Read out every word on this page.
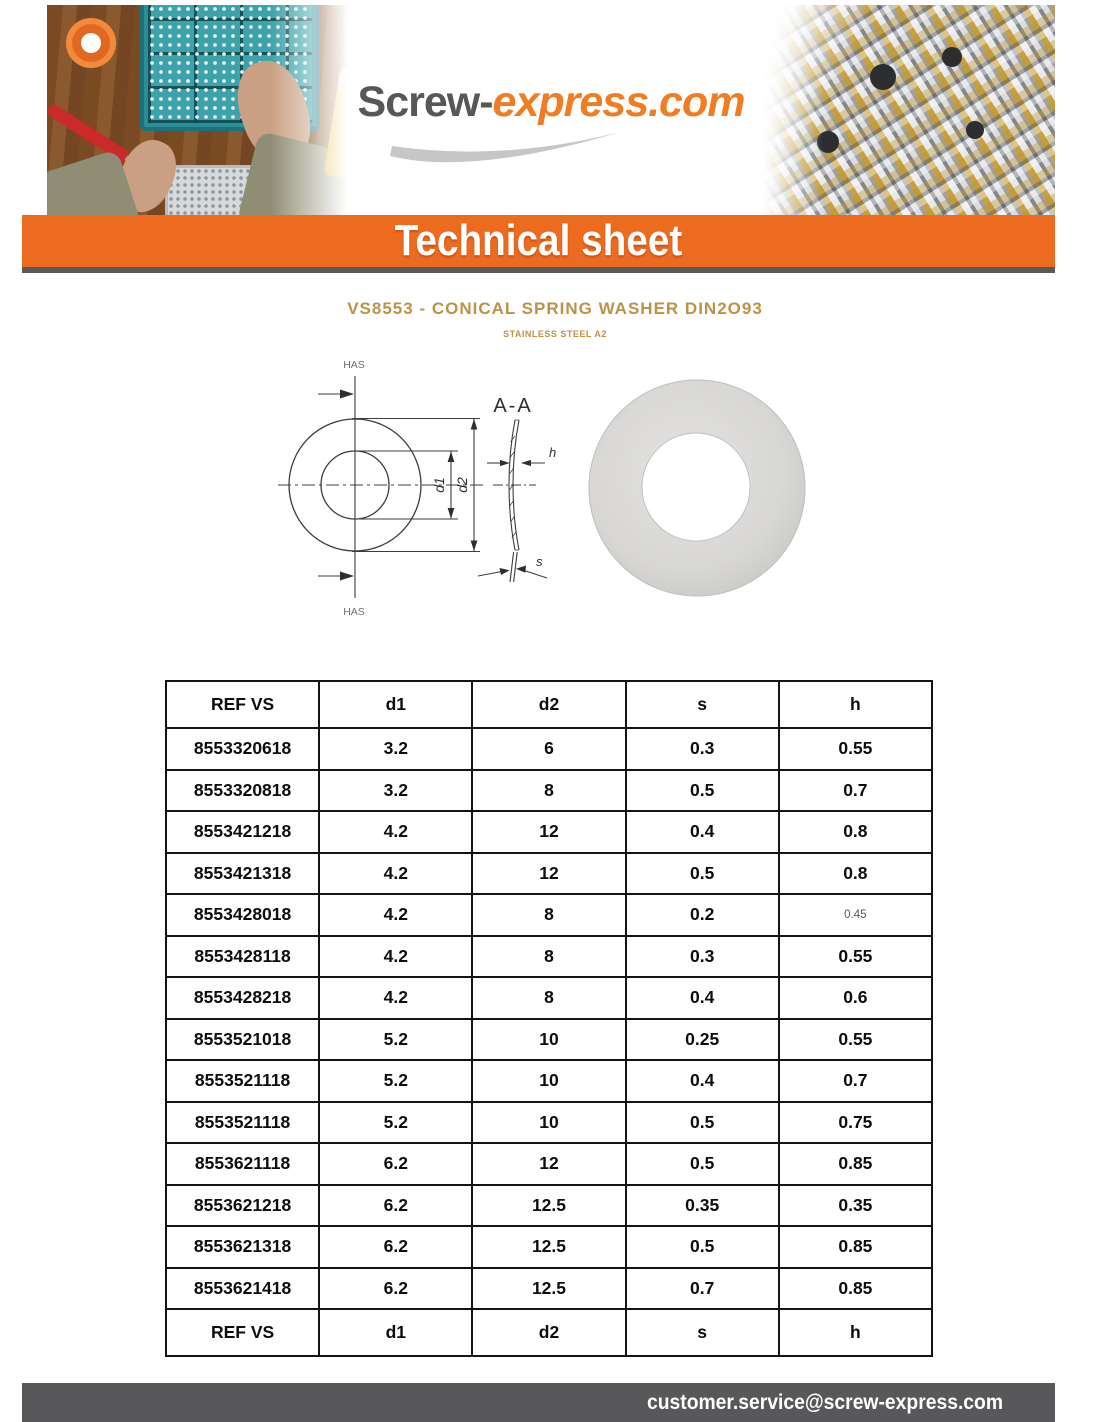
Screw-express.com
Technical sheet
VS8553 - CONICAL SPRING WASHER DIN2O93
STAINLESS STEEL A2
HAS
HAS
A-A
d1 d2
h
s
REF VS	d1	d2	s	h
8553320618	3.2	6	0.3	0.55
8553320818	3.2	8	0.5	0.7
8553421218	4.2	12	0.4	0.8
8553421318	4.2	12	0.5	0.8
8553428018	4.2	8	0.2	0.45
8553428118	4.2	8	0.3	0.55
8553428218	4.2	8	0.4	0.6
8553521018	5.2	10	0.25	0.55
8553521118	5.2	10	0.4	0.7
8553521118	5.2	10	0.5	0.75
8553621118	6.2	12	0.5	0.85
8553621218	6.2	12.5	0.35	0.35
8553621318	6.2	12.5	0.5	0.85
8553621418	6.2	12.5	0.7	0.85
REF VS	d1	d2	s	h
customer.service@screw-express.com
